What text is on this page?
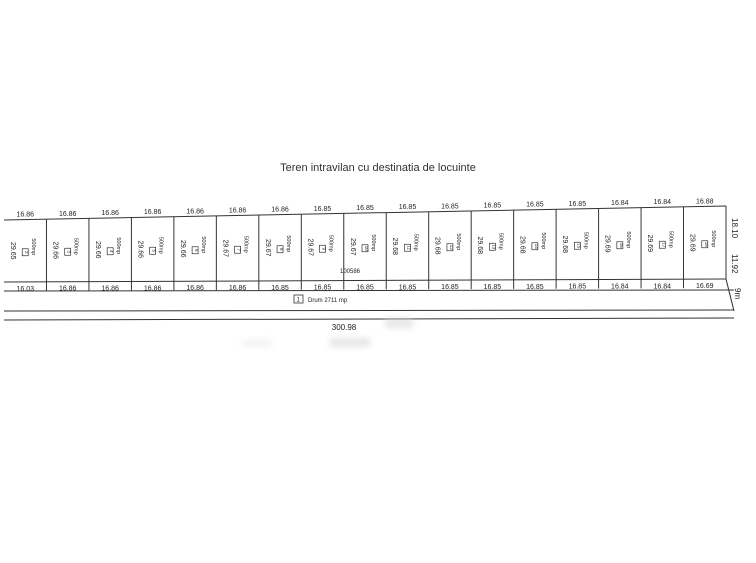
Teren intravilan cu destinatia de locuinte
16.86
16.03
29.65	500mp
2
16.86
16.86
29.66	500mp
3
16.86
16.86
29.66	500mp
4
16.86
16.86
29.66	500mp
5
16.86
16.86
29.66	500mp
6
16.86
16.86
29.67	500mp
7
16.86
16.85
29.67	500mp
8
16.85
16.85
29.67	500mp
9
16.85
16.85
29.67	500mp
10
16.85
16.85
29.68	500mp
11
16.85
16.85
29.68	500mp
12
16.85
16.85
29.68	500mp
13
16.85
16.85
29.68	500mp
14
16.85
16.85
29.68	500mp
15
16.84
16.84
29.69	500mp
16
16.84
16.84
29.69	500mp
17
16.88
16.69
29.69	500mp
18
18.10
11.92
9m
1 Drum 2711 mp
300.98
100586
